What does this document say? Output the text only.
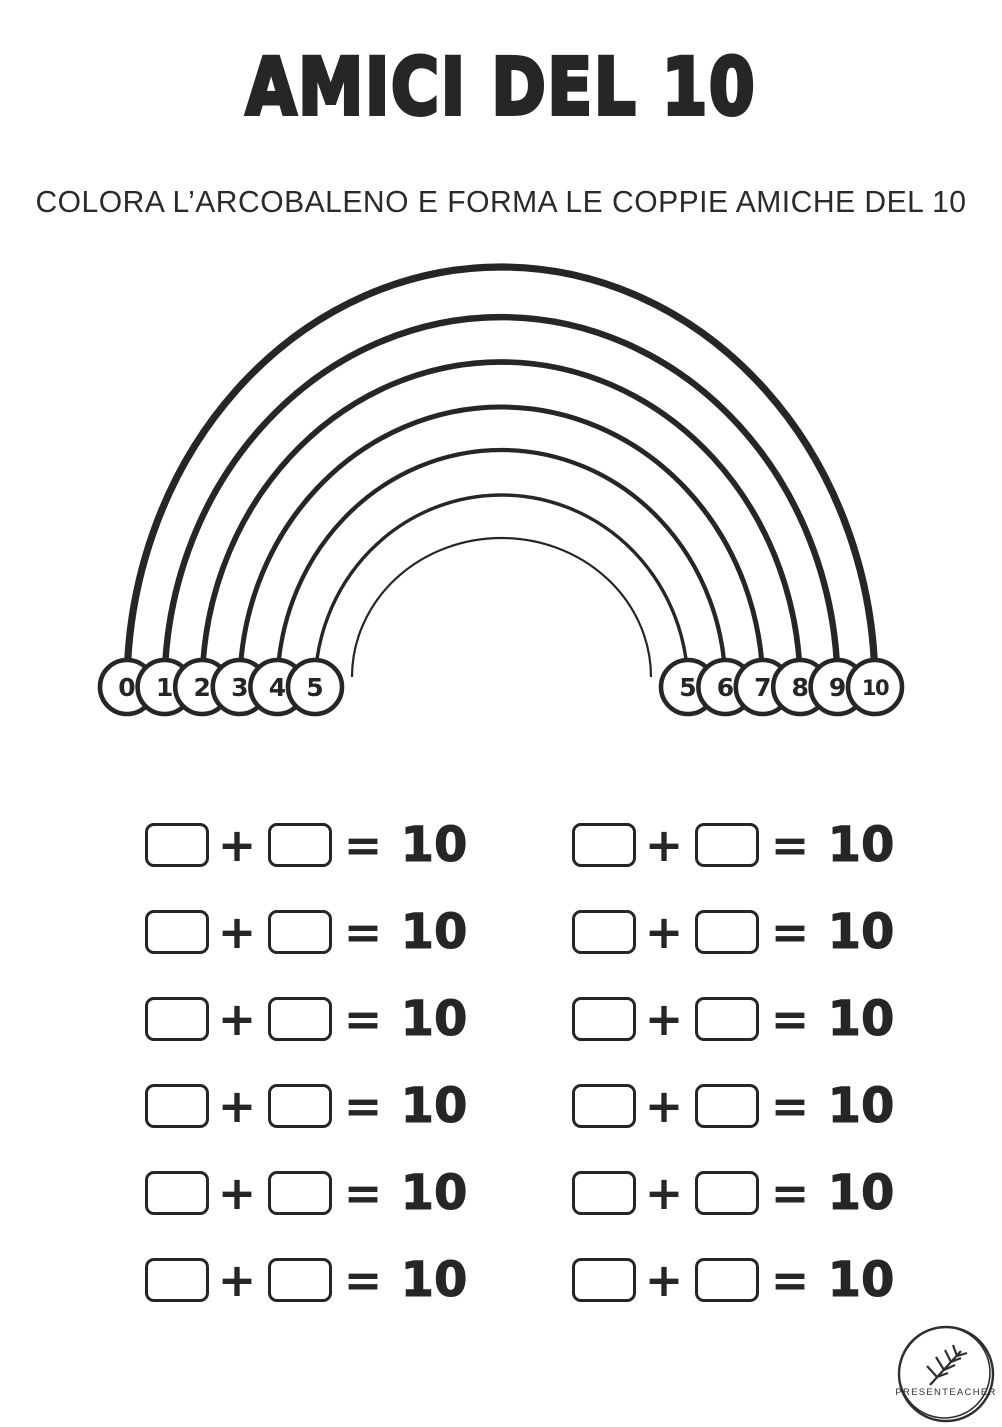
AMICI DEL 10
COLORA L’ARCOBALENO E FORMA LE COPPIE AMICHE DEL 10
0 1 2 3 4 5	5 6 7 8 9 10
+ = 10
+ = 10
+ = 10
+ = 10
+ = 10
+ = 10
+ = 10
+ = 10
+ = 10
+ = 10
+ = 10
+ = 10
PRESENTEACHER
